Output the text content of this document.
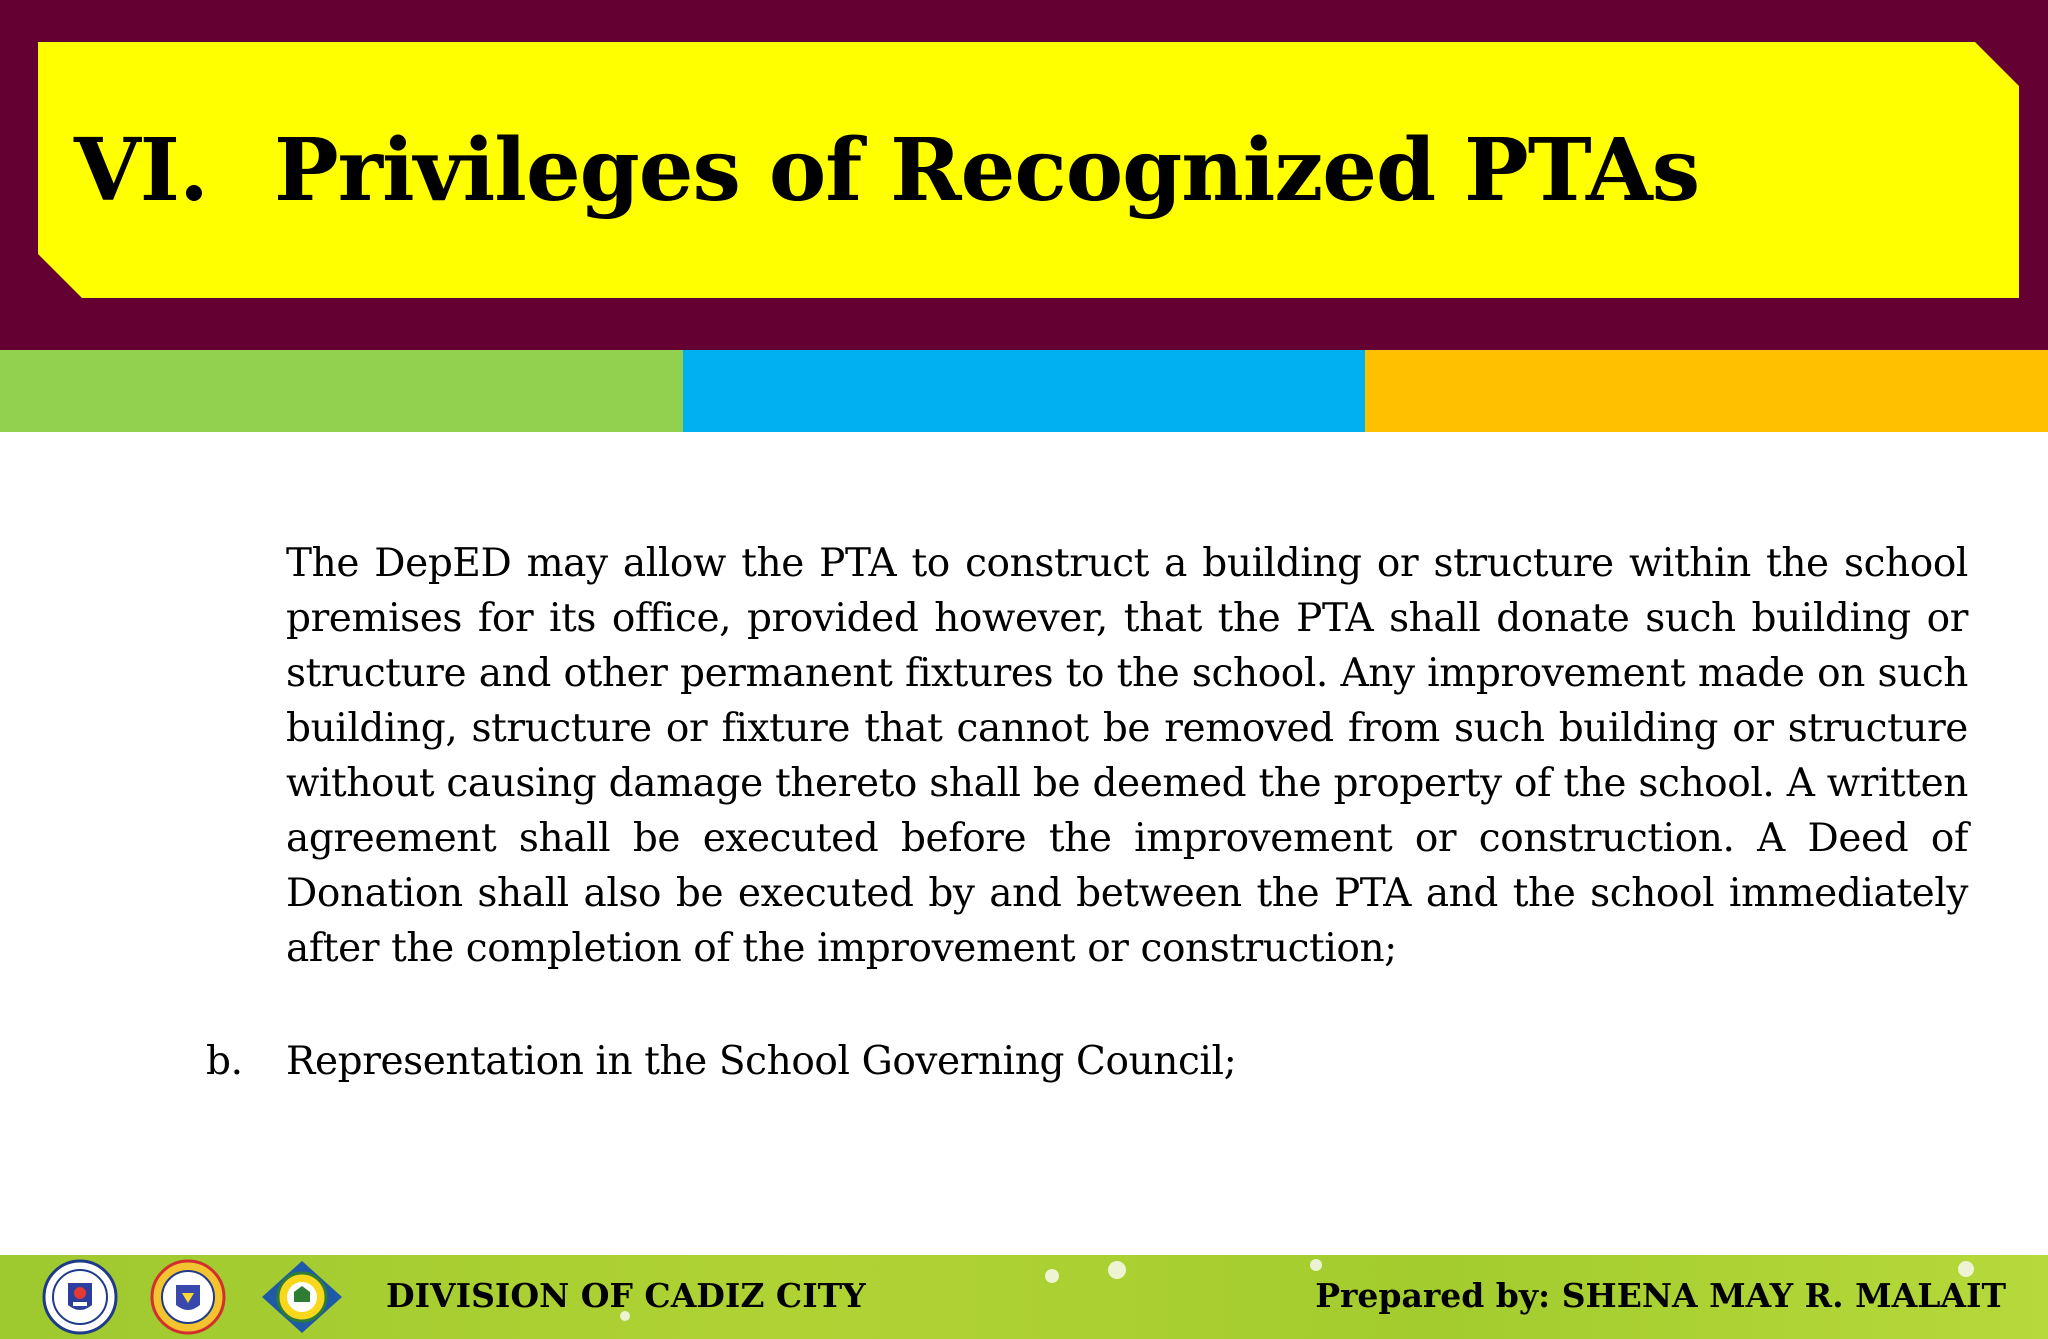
VI. Privileges of Recognized PTAs
The DepED may allow the PTA to construct a building or structure within the school premises for its office, provided however, that the PTA shall donate such building or structure and other permanent fixtures to the school. Any improvement made on such building, structure or fixture that cannot be removed from such building or structure without causing damage thereto shall be deemed the property of the school. A written agreement shall be executed before the improvement or construction. A Deed of Donation shall also be executed by and between the PTA and the school immediately after the completion of the improvement or construction;
b.	Representation in the School Governing Council;
DIVISION OF CADIZ CITY	Prepared by: SHENA MAY R. MALAIT
